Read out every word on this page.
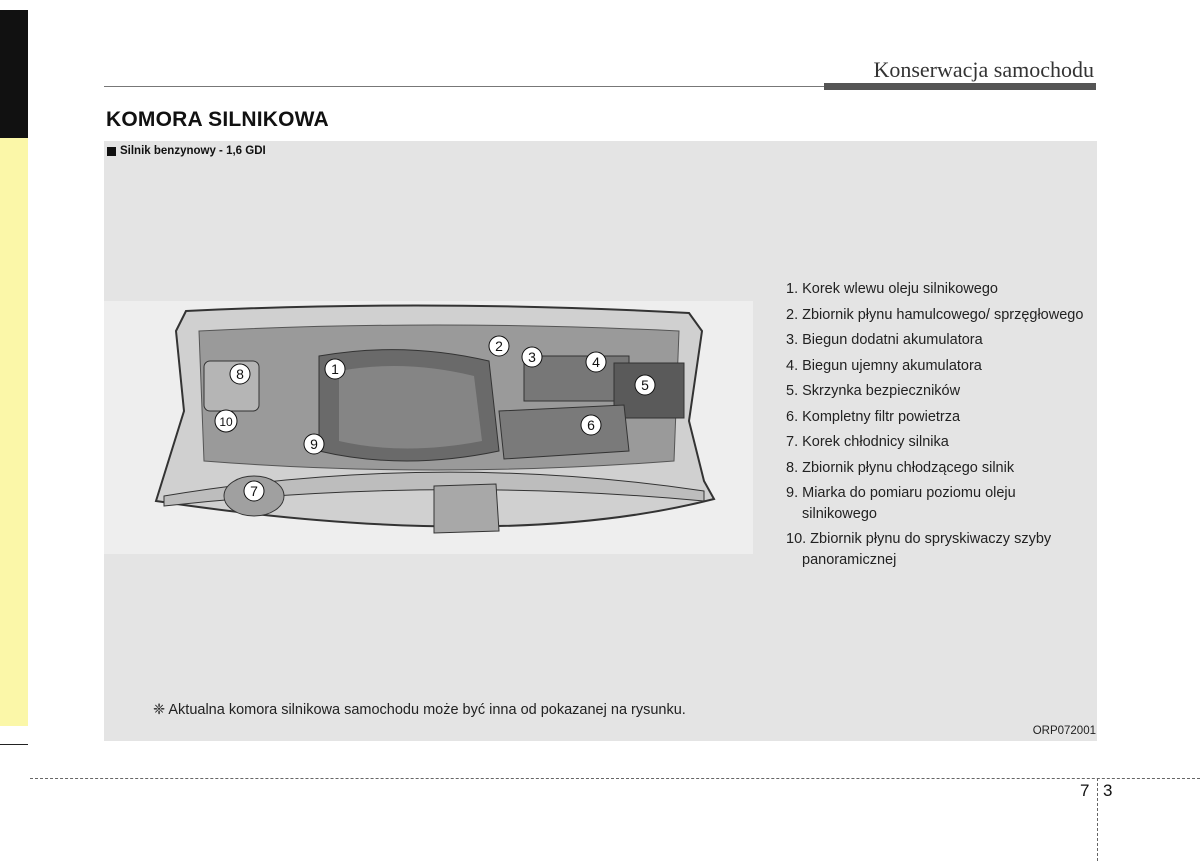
Konserwacja samochodu
KOMORA SILNIKOWA
Silnik benzynowy - 1,6 GDI
1
2
3	4
5
6
7
8
9
10
1. Korek wlewu oleju silnikowego
2. Zbiornik płynu hamulcowego/ sprzęgłowego
3. Biegun dodatni akumulatora
4. Biegun ujemny akumulatora
5. Skrzynka bezpieczników
6. Kompletny filtr powietrza
7. Korek chłodnicy silnika
8. Zbiornik płynu chłodzącego silnik
9. Miarka do pomiaru poziomu oleju silnikowego
10. Zbiornik płynu do spryskiwaczy szyby panoramicznej
❈ Aktualna komora silnikowa samochodu może być inna od pokazanej na rysunku.
ORP072001
7 3
